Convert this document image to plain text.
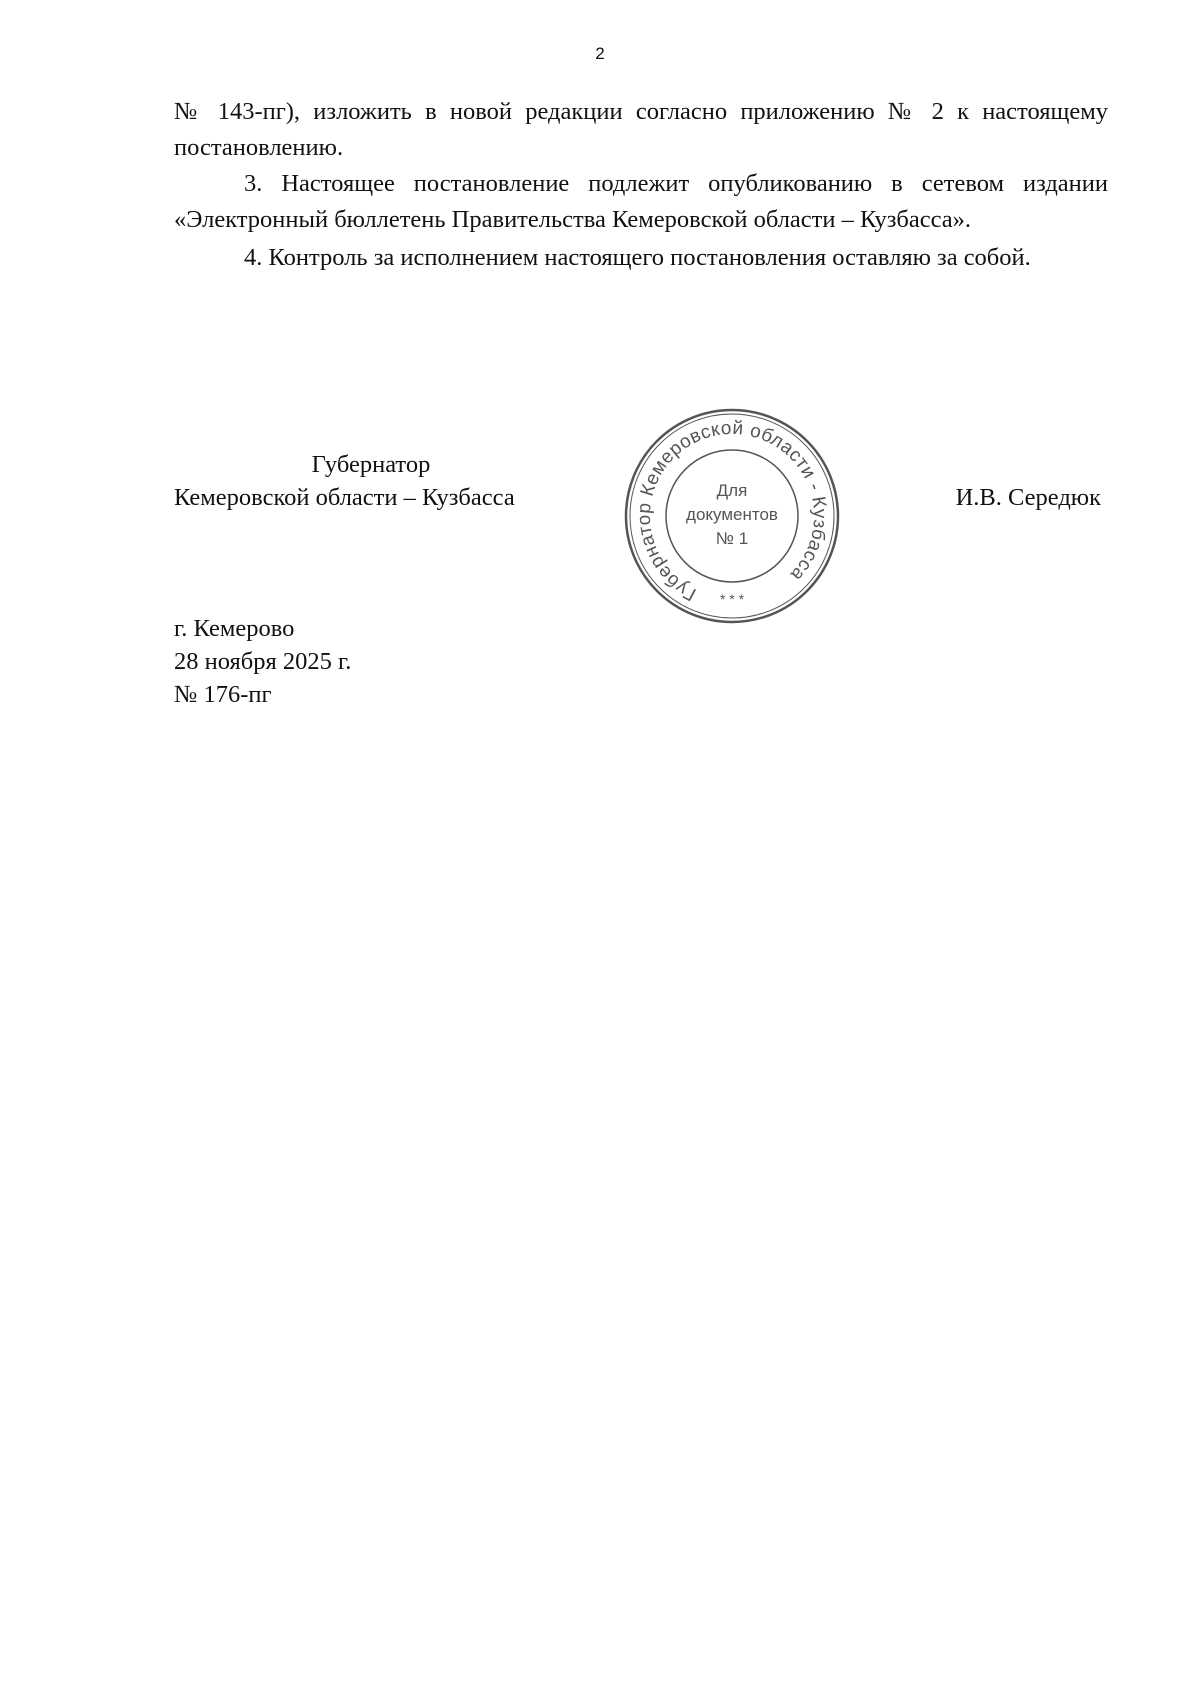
2

№ 143-пг), изложить в новой редакции согласно приложению № 2 к настоящему постановлению.

3. Настоящее постановление подлежит опубликованию в сетевом издании «Электронный бюллетень Правительства Кемеровской области – Кузбасса».

4. Контроль за исполнением настоящего постановления оставляю за собой.

Губернатор
Кемеровской области – Кузбасса	И.В. Середюк
Губернатор Кемеровской области - Кузбасса
* * *
Для
документов
№ 1
г. Кемерово
28 ноября 2025 г.
№ 176-пг
